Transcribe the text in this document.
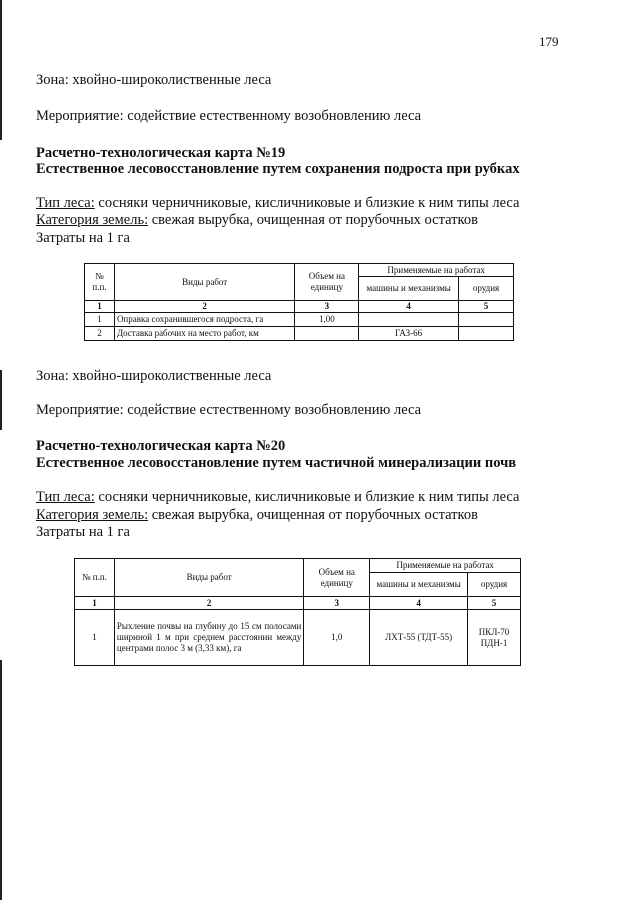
179
Зона: хвойно-широколиственные леса
Мероприятие: содействие естественному возобновлению леса
Расчетно-технологическая карта №19
Естественное лесовосстановление путем сохранения подроста при рубках
Тип леса: сосняки черничниковые, кисличниковые и близкие к ним типы леса
Категория земель: свежая вырубка, очищенная от порубочных остатков
Затраты на 1 га
№ п.п.	Виды работ	Объем на единицу	Применяемые на работах	
			машины и механизмы	орудия
1	2	3	4	5
1	Оправка сохранившегося подроста, га	1,00		
2	Доставка рабочих на место работ, км		ГАЗ-66	
Зона: хвойно-широколиственные леса
Мероприятие: содействие естественному возобновлению леса
Расчетно-технологическая карта №20
Естественное лесовосстановление путем частичной минерализации почв
Тип леса: сосняки черничниковые, кисличниковые и близкие к ним типы леса
Категория земель: свежая вырубка, очищенная от порубочных остатков
Затраты на 1 га
№ п.п.	Виды работ	Объем на единицу	Применяемые на работах	
			машины и механизмы	орудия
1	2	3	4	5
1	Рыхление почвы на глубину до 15 см полосами шириной 1 м при среднем расстоянии между центрами полос 3 м (3,33 км), га	1,0	ЛХТ-55 (ТДТ-55)	ПКЛ-70 ПДН-1
